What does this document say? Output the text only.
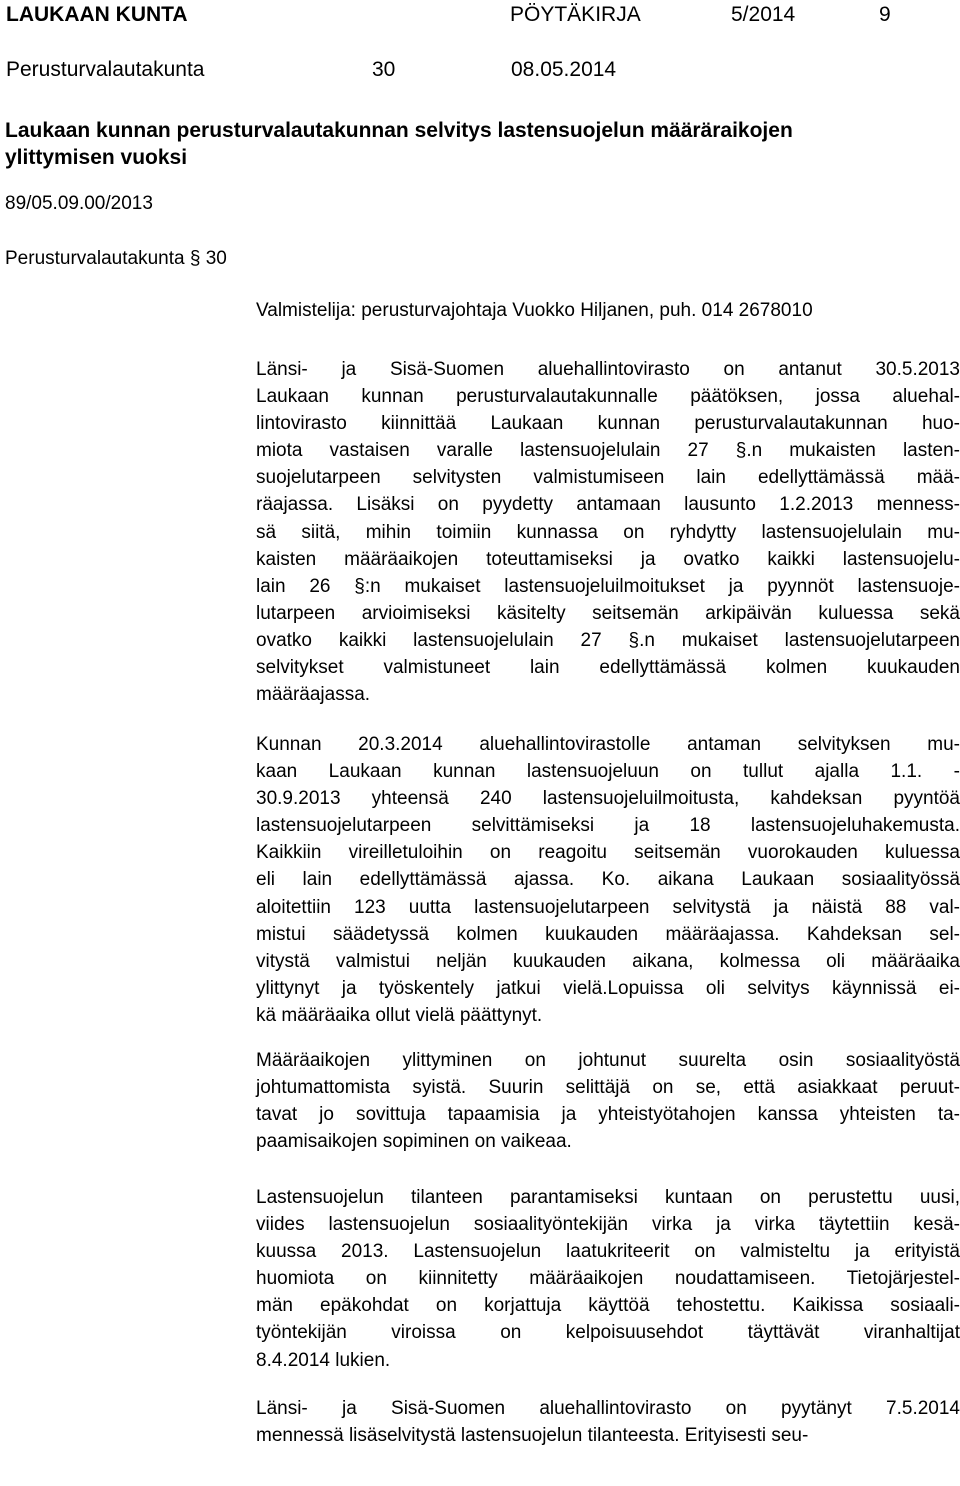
LAUKAAN KUNTA	PÖYTÄKIRJA	5/2014	9
Perusturvalautakunta	30	08.05.2014
Laukaan kunnan perusturvalautakunnan selvitys lastensuojelun määräraikojen ylittymisen vuoksi
89/05.09.00/2013
Perusturvalautakunta § 30
Valmistelija: perusturvajohtaja Vuokko Hiljanen, puh. 014 2678010
Länsi- ja Sisä-Suomen aluehallintovirasto on antanut 30.5.2013
Laukaan kunnan perusturvalautakunnalle päätöksen, jossa aluehal-
lintovirasto kiinnittää Laukaan kunnan perusturvalautakunnan huo-
miota vastaisen varalle lastensuojelulain 27 §.n mukaisten lasten-
suojelutarpeen selvitysten valmistumiseen lain edellyttämässä mää-
räajassa. Lisäksi on pyydetty antamaan lausunto 1.2.2013 menness-
sä siitä, mihin toimiin kunnassa on ryhdytty lastensuojelulain mu-
kaisten määräaikojen toteuttamiseksi ja ovatko kaikki lastensuojelu-
lain 26 §:n mukaiset lastensuojeluilmoitukset ja pyynnöt lastensuoje-
lutarpeen arvioimiseksi käsitelty seitsemän arkipäivän kuluessa sekä
ovatko kaikki lastensuojelulain 27 §.n mukaiset lastensuojelutarpeen
selvitykset valmistuneet lain edellyttämässä kolmen kuukauden
määräajassa.
Kunnan 20.3.2014 aluehallintovirastolle antaman selvityksen mu-
kaan Laukaan kunnan lastensuojeluun on tullut ajalla 1.1. -
30.9.2013 yhteensä 240 lastensuojeluilmoitusta, kahdeksan pyyntöä
lastensuojelutarpeen selvittämiseksi ja 18 lastensuojeluhakemusta.
Kaikkiin vireilletuloihin on reagoitu seitsemän vuorokauden kuluessa
eli lain edellyttämässä ajassa. Ko. aikana Laukaan sosiaalityössä
aloitettiin 123 uutta lastensuojelutarpeen selvitystä ja näistä 88 val-
mistui säädetyssä kolmen kuukauden määräajassa. Kahdeksan sel-
vitystä valmistui neljän kuukauden aikana, kolmessa oli määräaika
ylittynyt ja työskentely jatkui vielä.Lopuissa oli selvitys käynnissä ei-
kä määräaika ollut vielä päättynyt.
Määräaikojen ylittyminen on johtunut suurelta osin sosiaalityöstä
johtumattomista syistä. Suurin selittäjä on se, että asiakkaat peruut-
tavat jo sovittuja tapaamisia ja yhteistyötahojen kanssa yhteisten ta-
paamisaikojen sopiminen on vaikeaa.
Lastensuojelun tilanteen parantamiseksi kuntaan on perustettu uusi,
viides lastensuojelun sosiaalityöntekijän virka ja virka täytettiin kesä-
kuussa 2013. Lastensuojelun laatukriteerit on valmisteltu ja erityistä
huomiota on kiinnitetty määräaikojen noudattamiseen. Tietojärjestel-
män epäkohdat on korjattuja käyttöä tehostettu. Kaikissa sosiaali-
työntekijän viroissa on kelpoisuusehdot täyttävät viranhaltijat
8.4.2014 lukien.
Länsi- ja Sisä-Suomen aluehallintovirasto on pyytänyt 7.5.2014
mennessä lisäselvitystä lastensuojelun tilanteesta. Erityisesti seu-
